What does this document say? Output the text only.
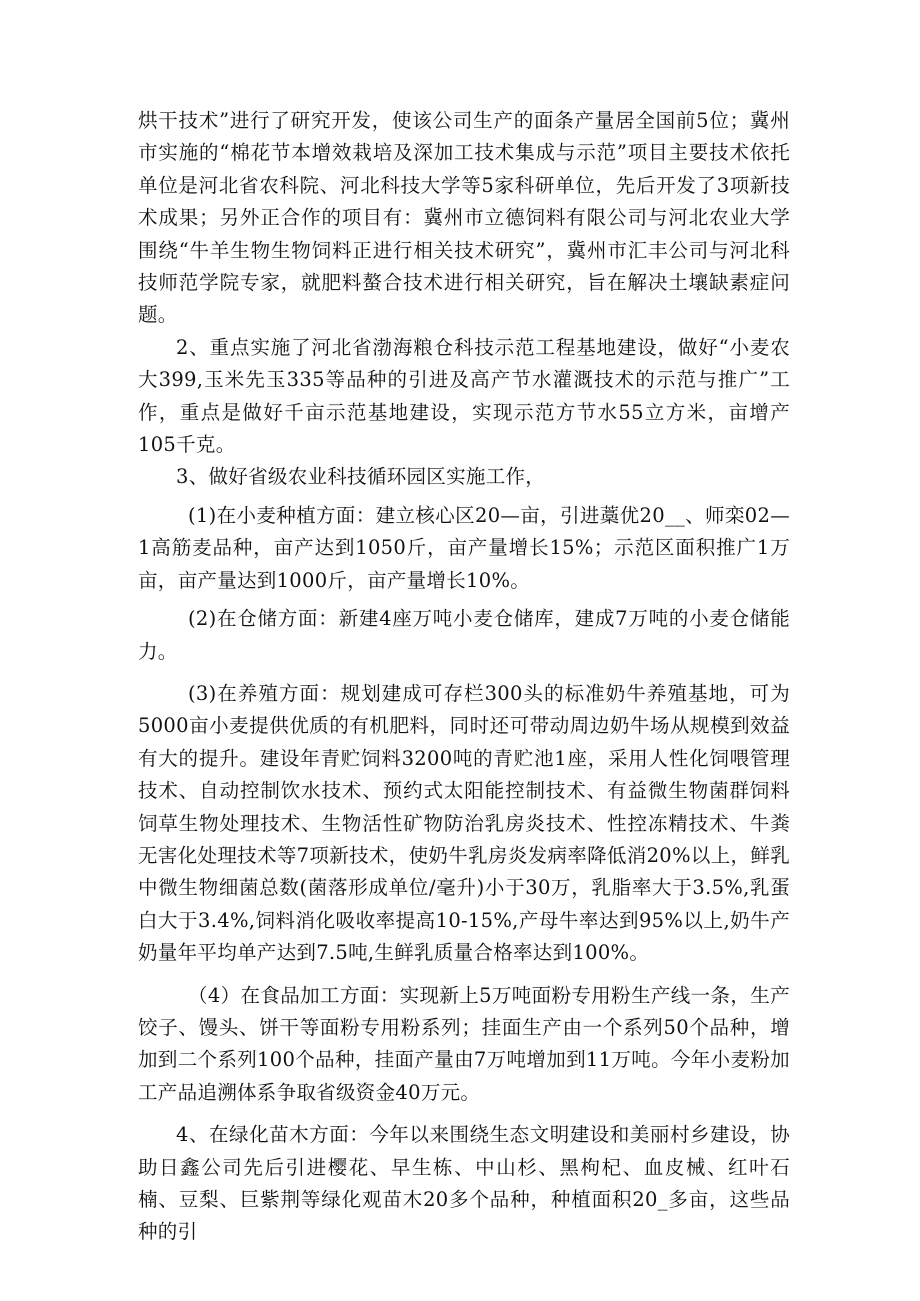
烘干技术”进行了研究开发，使该公司生产的面条产量居全国前5位；冀州市实施的“棉花节本增效栽培及深加工技术集成与示范”项目主要技术依托单位是河北省农科院、河北科技大学等5家科研单位，先后开发了3项新技术成果；另外正合作的项目有：冀州市立德饲料有限公司与河北农业大学围绕“牛羊生物生物饲料正进行相关技术研究”，冀州市汇丰公司与河北科技师范学院专家，就肥料螯合技术进行相关研究，旨在解决土壤缺素症问题。

2、重点实施了河北省渤海粮仓科技示范工程基地建设，做好“小麦农大399,玉米先玉335等品种的引进及高产节水灌溉技术的示范与推广”工作，重点是做好千亩示范基地建设，实现示范方节水55立方米，亩增产105千克。

3、做好省级农业科技循环园区实施工作，

(1)在小麦种植方面：建立核心区20—亩，引进藁优20__、师栾02—1高筋麦品种，亩产达到1050斤，亩产量增长15%；示范区面积推广1万亩，亩产量达到1000斤，亩产量增长10%。

(2)在仓储方面：新建4座万吨小麦仓储库，建成7万吨的小麦仓储能力。

(3)在养殖方面：规划建成可存栏300头的标准奶牛养殖基地，可为5000亩小麦提供优质的有机肥料，同时还可带动周边奶牛场从规模到效益有大的提升。建设年青贮饲料3200吨的青贮池1座，采用人性化饲喂管理技术、自动控制饮水技术、预约式太阳能控制技术、有益微生物菌群饲料饲草生物处理技术、生物活性矿物防治乳房炎技术、性控冻精技术、牛粪无害化处理技术等7项新技术，使奶牛乳房炎发病率降低消20%以上，鲜乳中微生物细菌总数(菌落形成单位/毫升)小于30万，乳脂率大于3.5%,乳蛋白大于3.4%,饲料消化吸收率提高10-15%,产母牛率达到95%以上,奶牛产奶量年平均单产达到7.5吨,生鲜乳质量合格率达到100%。

（4）在食品加工方面：实现新上5万吨面粉专用粉生产线一条，生产饺子、馒头、饼干等面粉专用粉系列；挂面生产由一个系列50个品种，增加到二个系列100个品种，挂面产量由7万吨增加到11万吨。今年小麦粉加工产品追溯体系争取省级资金40万元。

4、在绿化苗木方面：今年以来围绕生态文明建设和美丽村乡建设，协助日鑫公司先后引进樱花、早生栋、中山杉、黑枸杞、血皮械、红叶石楠、豆梨、巨紫荆等绿化观苗木20多个品种，种植面积20_多亩，这些品种的引
